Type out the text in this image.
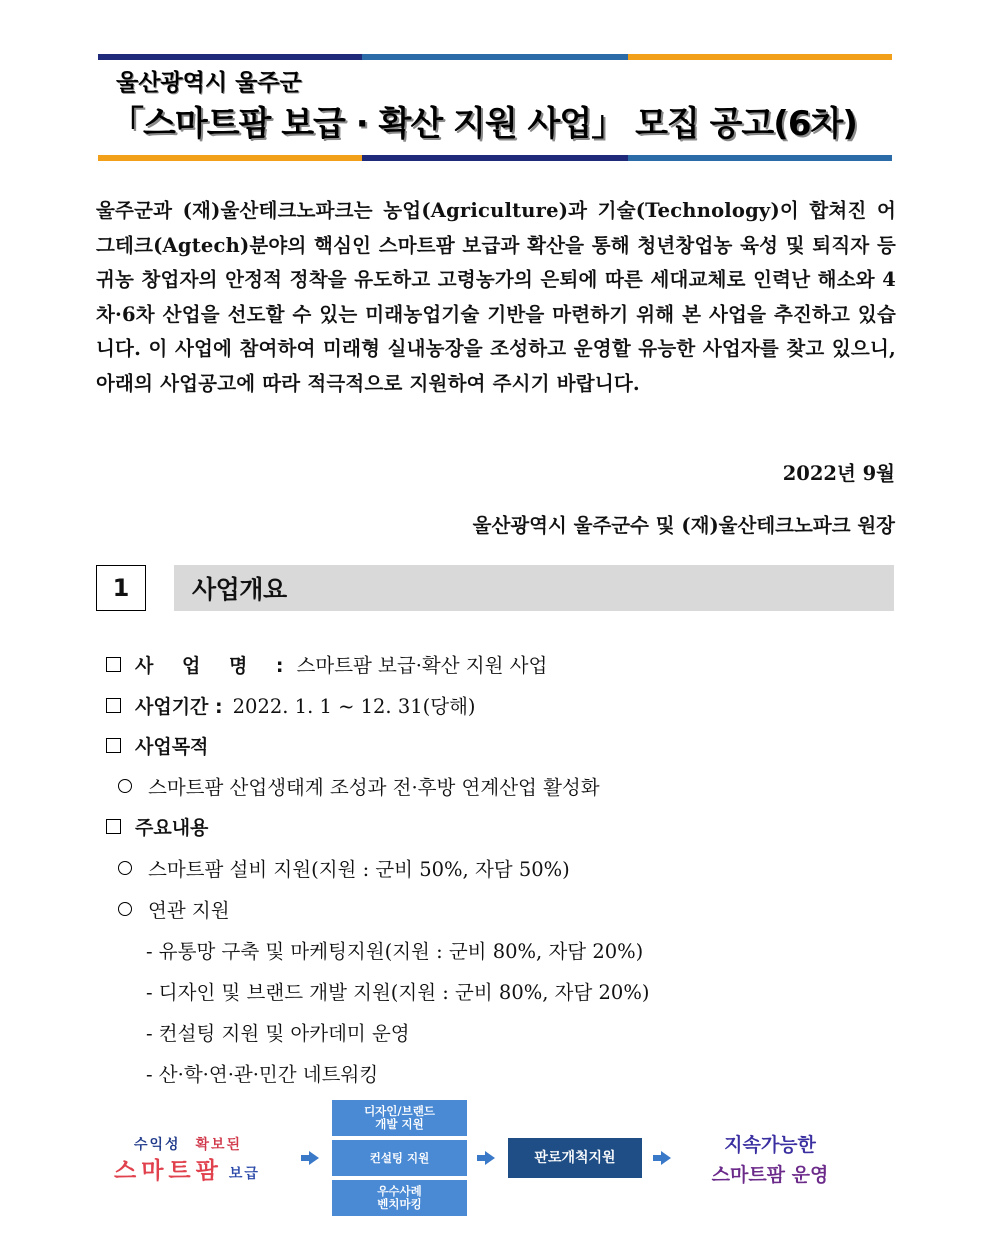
울산광역시 울주군
「스마트팜 보급 · 확산 지원 사업」 모집 공고(6차)

울주군과 (재)울산테크노파크는 농업(Agriculture)과 기술(Technology)이 합쳐진 어그테크(Agtech)분야의 핵심인 스마트팜 보급과 확산을 통해 청년창업농 육성 및 퇴직자 등 귀농 창업자의 안정적 정착을 유도하고 고령농가의 은퇴에 따른 세대교체로 인력난 해소와 4차·6차 산업을 선도할 수 있는 미래농업기술 기반을 마련하기 위해 본 사업을 추진하고 있습니다. 이 사업에 참여하여 미래형 실내농장을 조성하고 운영할 유능한 사업자를 찾고 있으니, 아래의 사업공고에 따라 적극적으로 지원하여 주시기 바랍니다.

2022년 9월
울산광역시 울주군수 및 (재)울산테크노파크 원장
1	사업개요
사 업 명 : 스마트팜 보급·확산 지원 사업
사업기간 : 2022. 1. 1 ~ 12. 31(당해)
사업목적
스마트팜 산업생태계 조성과 전·후방 연계산업 활성화
주요내용
스마트팜 설비 지원(지원 : 군비 50%, 자담 50%)
연관 지원
- 유통망 구축 및 마케팅지원(지원 : 군비 80%, 자담 20%)
- 디자인 및 브랜드 개발 지원(지원 : 군비 80%, 자담 20%)
- 컨설팅 지원 및 아카데미 운영
- 산·학·연·관·민간 네트워킹
수익성 확보된
스마트팜 보급
디자인/브랜드
개발 지원
컨설팅 지원
우수사례
벤치마킹
판로개척지원
지속가능한
스마트팜 운영
